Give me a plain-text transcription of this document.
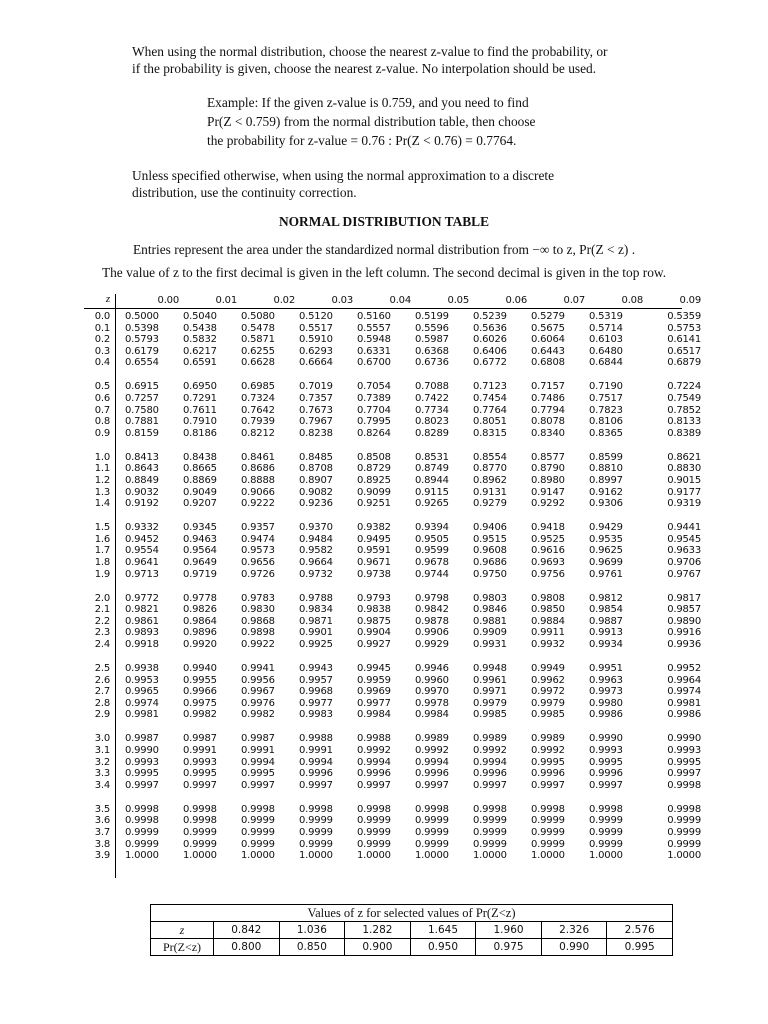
When using the normal distribution, choose the nearest z-value to find the probability, or
if the probability is given, choose the nearest z-value. No interpolation should be used.
Example: If the given z-value is 0.759, and you need to find
Pr(Z < 0.759) from the normal distribution table, then choose
the probability for z-value = 0.76 : Pr(Z < 0.76) = 0.7764.
Unless specified otherwise, when using the normal approximation to a discrete
distribution, use the continuity correction.
NORMAL DISTRIBUTION TABLE
Entries represent the area under the standardized normal distribution from −∞ to z, Pr(Z < z) .
The value of z to the first decimal is given in the left column. The second decimal is given in the top row.
z	0.00	0.01	0.02	0.03	0.04	0.05	0.06	0.07	0.08	0.09
0.0 0.5000 0.5040 0.5080 0.5120 0.5160 0.5199 0.5239 0.5279 0.5319	0.5359
0.1 0.5398 0.5438 0.5478 0.5517 0.5557 0.5596 0.5636 0.5675 0.5714	0.5753
0.2 0.5793 0.5832 0.5871 0.5910 0.5948 0.5987 0.6026 0.6064 0.6103	0.6141
0.3 0.6179 0.6217 0.6255 0.6293 0.6331 0.6368 0.6406 0.6443 0.6480	0.6517
0.4 0.6554 0.6591 0.6628 0.6664 0.6700 0.6736 0.6772 0.6808 0.6844	0.6879
0.5 0.6915 0.6950 0.6985 0.7019 0.7054 0.7088 0.7123 0.7157 0.7190	0.7224
0.6 0.7257 0.7291 0.7324 0.7357 0.7389 0.7422 0.7454 0.7486 0.7517	0.7549
0.7 0.7580 0.7611 0.7642 0.7673 0.7704 0.7734 0.7764 0.7794 0.7823	0.7852
0.8 0.7881 0.7910 0.7939 0.7967 0.7995 0.8023 0.8051 0.8078 0.8106	0.8133
0.9 0.8159 0.8186 0.8212 0.8238 0.8264 0.8289 0.8315 0.8340 0.8365	0.8389
1.0 0.8413 0.8438 0.8461 0.8485 0.8508 0.8531 0.8554 0.8577 0.8599	0.8621
1.1 0.8643 0.8665 0.8686 0.8708 0.8729 0.8749 0.8770 0.8790 0.8810	0.8830
1.2 0.8849 0.8869 0.8888 0.8907 0.8925 0.8944 0.8962 0.8980 0.8997	0.9015
1.3 0.9032 0.9049 0.9066 0.9082 0.9099 0.9115 0.9131 0.9147 0.9162	0.9177
1.4 0.9192 0.9207 0.9222 0.9236 0.9251 0.9265 0.9279 0.9292 0.9306	0.9319
1.5 0.9332 0.9345 0.9357 0.9370 0.9382 0.9394 0.9406 0.9418 0.9429	0.9441
1.6 0.9452 0.9463 0.9474 0.9484 0.9495 0.9505 0.9515 0.9525 0.9535	0.9545
1.7 0.9554 0.9564 0.9573 0.9582 0.9591 0.9599 0.9608 0.9616 0.9625	0.9633
1.8 0.9641 0.9649 0.9656 0.9664 0.9671 0.9678 0.9686 0.9693 0.9699	0.9706
1.9 0.9713 0.9719 0.9726 0.9732 0.9738 0.9744 0.9750 0.9756 0.9761	0.9767
2.0 0.9772 0.9778 0.9783 0.9788 0.9793 0.9798 0.9803 0.9808 0.9812	0.9817
2.1 0.9821 0.9826 0.9830 0.9834 0.9838 0.9842 0.9846 0.9850 0.9854	0.9857
2.2 0.9861 0.9864 0.9868 0.9871 0.9875 0.9878 0.9881 0.9884 0.9887	0.9890
2.3 0.9893 0.9896 0.9898 0.9901 0.9904 0.9906 0.9909 0.9911 0.9913	0.9916
2.4 0.9918 0.9920 0.9922 0.9925 0.9927 0.9929 0.9931 0.9932 0.9934	0.9936
2.5 0.9938 0.9940 0.9941 0.9943 0.9945 0.9946 0.9948 0.9949 0.9951	0.9952
2.6 0.9953 0.9955 0.9956 0.9957 0.9959 0.9960 0.9961 0.9962 0.9963	0.9964
2.7 0.9965 0.9966 0.9967 0.9968 0.9969 0.9970 0.9971 0.9972 0.9973	0.9974
2.8 0.9974 0.9975 0.9976 0.9977 0.9977 0.9978 0.9979 0.9979 0.9980	0.9981
2.9 0.9981 0.9982 0.9982 0.9983 0.9984 0.9984 0.9985 0.9985 0.9986	0.9986
3.0 0.9987 0.9987 0.9987 0.9988 0.9988 0.9989 0.9989 0.9989 0.9990	0.9990
3.1 0.9990 0.9991 0.9991 0.9991 0.9992 0.9992 0.9992 0.9992 0.9993	0.9993
3.2 0.9993 0.9993 0.9994 0.9994 0.9994 0.9994 0.9994 0.9995 0.9995	0.9995
3.3 0.9995 0.9995 0.9995 0.9996 0.9996 0.9996 0.9996 0.9996 0.9996	0.9997
3.4 0.9997 0.9997 0.9997 0.9997 0.9997 0.9997 0.9997 0.9997 0.9997	0.9998
3.5 0.9998 0.9998 0.9998 0.9998 0.9998 0.9998 0.9998 0.9998 0.9998	0.9998
3.6 0.9998 0.9998 0.9999 0.9999 0.9999 0.9999 0.9999 0.9999 0.9999	0.9999
3.7 0.9999 0.9999 0.9999 0.9999 0.9999 0.9999 0.9999 0.9999 0.9999	0.9999
3.8 0.9999 0.9999 0.9999 0.9999 0.9999 0.9999 0.9999 0.9999 0.9999	0.9999
3.9 1.0000 1.0000 1.0000 1.0000 1.0000 1.0000 1.0000 1.0000 1.0000	1.0000
Values of z for selected values of Pr(Z<z)							
z	0.842	1.036	1.282	1.645	1.960	2.326	2.576
Pr(Z<z)	0.800	0.850	0.900	0.950	0.975	0.990	0.995
